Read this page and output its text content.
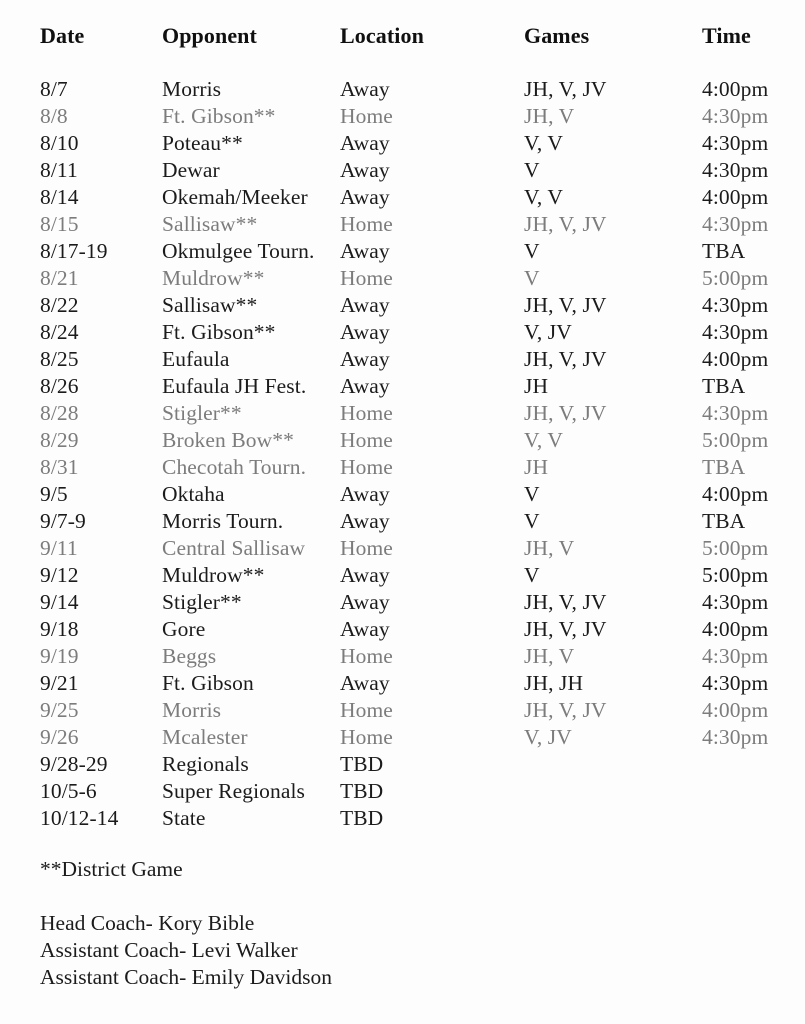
Date	Opponent	Location	Games	Time
8/7	Morris	Away	JH, V, JV	4:00pm
8/8	Ft. Gibson**	Home	JH, V	4:30pm
8/10	Poteau**	Away	V, V	4:30pm
8/11	Dewar	Away	V	4:30pm
8/14	Okemah/Meeker Away	V, V	4:00pm
8/15	Sallisaw**	Home	JH, V, JV	4:30pm
8/17-19	Okmulgee Tourn. Away	V	TBA
8/21	Muldrow**	Home	V	5:00pm
8/22	Sallisaw**	Away	JH, V, JV	4:30pm
8/24	Ft. Gibson**	Away	V, JV	4:30pm
8/25	Eufaula	Away	JH, V, JV	4:00pm
8/26	Eufaula JH Fest. Away	JH	TBA
8/28	Stigler**	Home	JH, V, JV	4:30pm
8/29	Broken Bow** Home	V, V	5:00pm
8/31	Checotah Tourn. Home	JH	TBA
9/5	Oktaha	Away	V	4:00pm
9/7-9	Morris Tourn.	Away	V	TBA
9/11	Central Sallisaw Home	JH, V	5:00pm
9/12	Muldrow**	Away	V	5:00pm
9/14	Stigler**	Away	JH, V, JV	4:30pm
9/18	Gore	Away	JH, V, JV	4:00pm
9/19	Beggs	Home	JH, V	4:30pm
9/21	Ft. Gibson	Away	JH, JH	4:30pm
9/25	Morris	Home	JH, V, JV	4:00pm
9/26	Mcalester	Home	V, JV	4:30pm
9/28-29	Regionals	TBD
10/5-6	Super Regionals TBD
10/12-14 State	TBD
**District Game
Head Coach- Kory Bible
Assistant Coach- Levi Walker
Assistant Coach- Emily Davidson
